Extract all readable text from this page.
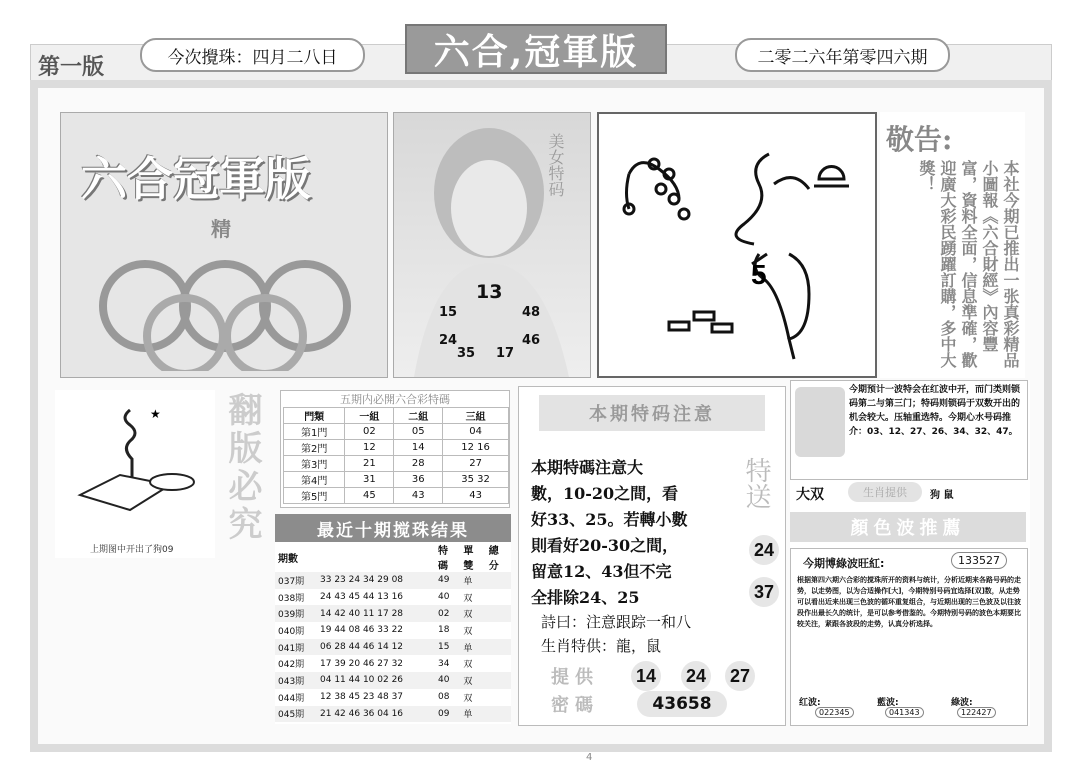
第一版	今次攪珠： 四月二八日	六合,冠軍版	二零二六年第零四六期
六合冠軍版
精
美女特码
13
15	48
24	46
35 17
5
敬告:
本社今期已推出一张真彩精品小圖報《六合財經》內容豐富，資料全面，信息準確，歡迎廣大彩民踴躍訂購，多中大獎！
★
上期图中开出了狗09
翻版必究	五期内必開六合彩特碼
門類	一組	二組	三組
第1門	02	05	04
第2門	12	14	12 16
第3門	21	28	27
第4門	31	36	35 32
第5門	45	43	43
最近十期搅珠结果
期數		特碼	單雙	總分
037期	33 23 24 34 29 08	49	单	
038期	24 43 45 44 13 16	40	双	
039期	14 42 40 11 17 28	02	双	
040期	19 44 08 46 33 22	18	双	
041期	06 28 44 46 14 12	15	单	
042期	17 39 20 46 27 32	34	双	
043期	04 11 44 10 02 26	40	双	
044期	12 38 45 23 48 37	08	双	
045期	21 42 46 36 04 16	09	单	
本期特码注意
特送
本期特碼注意大
數，10-20之間，看
好33、25。若轉小數
則看好20-30之間，
留意12、43但不完
全排除24、25
詩曰：注意跟踪一和八
生肖特供：龍，鼠
24
37
提供 14 24 27
密碼	43658
今期预计一波特会在红波中开，而门类则锁码第二与第三门；特码则锁码于双数开出的机会较大。压轴重选特。今期心水号码推介：03、12、27、26、34、32、47。
大双	生肖提供	狗 鼠
顏色波推薦
今期博綠波旺紅:	133527
根据第四六期六合彩的搅珠所开的资料与统计，分析近期来各路号码的走势，以走势图，以为合适操作[大]，今期特别号码宜选择[双]数，从走势可以看出近来出现三色波的循环重复组合，与近期出现的三色波及以往波段作出最长久的统计，是可以参考借鉴的。今期特别号码的波色本期要比较关注，紧跟各波段的走势，认真分析选择。
红波:
022345
藍波:
041343
綠波:
122427
4
